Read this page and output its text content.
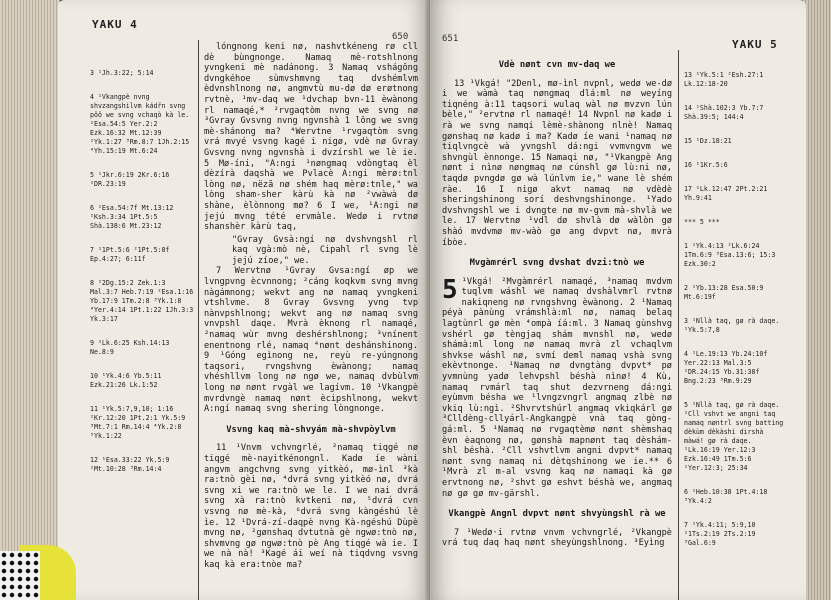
YAKU 4

3 ¹Jh.3:22; 5:14

4 ¹Vkangpè nvng shvzangshilvm kádřn svng pôô we svng vchaqò kà le. ²Esa.54:5 Yer.2:2 Ezk.16:32 Mt.12:39 ²Yk.1:27 ³Rm.8:7 1Jh.2:15 ⁴Yh.15:19 Mt.6:24

5 ¹Jkr.6:19 2Kr.6:16 ²DR.23:19

6 ¹Esa.54:7f Mt.13:12 ²Ksh.3:34 1Pt.5:5 Shà.138:6 Mt.23:12

7 ¹1Pt.5:6 ²1Pt.5:8f Ep.4:27; 6:11f

8 ²2Dg.15:2 Zek.1:3 Mal.3:7 Heb.7:19 ²Esa.1:16 Yb.17:9 1Tm.2:8 ³Yk.1:8 ⁴Yer.4:14 1Pt.1:22 1Jh.3:3 Yk.3:17

9 ¹Lk.6:25 Ksh.14:13 Ne.8:9

10 ¹Yk.4:6 Yb.5:11 Ezk.21:26 Lk.1:52

11 ¹Yk.5:7,9,10; 1:16 ²Kr.12:20 1Pt.2:1 Yk.5:9 ³Mt.7:1 Rm.14:4 ⁴Yk.2:8 ⁵Yk.1:22

12 ¹Esa.33:22 Yk.5:9 ²Mt.10:28 ³Rm.14:4

lóngnong keni nø, nashvtkéneng rø cll dè bùngnonge. Namaq mè-rotshlnong yvngkeni mè nadánong. 3 Namaq vshágông dvngkéhoe sùmvshmvng taq dvshémlvm èdvnshlnong nø, angmvtù mu-dø dø erøtnong rvtnè, ¹mv-daq we ¹dvchap bvn-11 èwànong rl namaqé,* ²rvgaqtòm nvng we svng nø ³Gvray Gvsvng nvng ngvnshà 1 lông we svng mè-shánong ma? ⁴Wervtne ¹rvgaqtòm svng vrá mvyé vsvng kagé i nigø, vdè nø Gvray Gvsvng nvng ngvnshà i dvzírshl we lè ie. 5 Mø-íni, "A:ngi ¹nøngmaq vdòngtaq èl dèzírà daqshà we Pvlacè A:ngi mèrø:tnl lòng nø, nëzã nø shém haq mèrø:tnle," wa lòng sham-sher kàrù kà nø ²vwàwà dø shàne, èlònnong mø? 6 I we, ¹A:ngi nø jejú mvng tété ervmàle. Wedø i rvtnø shanshèr kàrù taq,

"Gvray Gvsà:ngí nø dvshvngshl rl kaq vgà:mò nè, Cipahl rl svng lè jejú zíoe," we.

7 Wervtnø ¹Gvray Gvsa:ngí øp we lvngpvng ècvnnong; ²cáng koqkvm svng mvng nàgámnong; wekvt ang nø namaq yvngkeni vtshlvme. 8 Gvray Gvsvng yvng tvp nànvpshlnong; wekvt ang nø namaq svng vnvpshl daqe. Mvrà èknong rl namaqé, ²namaq wùr mvng deshérshlnong; ³vnínent enentnong rlé, namaq ⁴nønt deshánshinong. 9 ¹Góng egìnong ne, reyù re-yúngnong taqsori, rvngshvng èwànong; namaq vhéshllvm long nø ngø we, namaq dvbùlvm long nø nønt rvgàl we lagívm. 10 ¹Vkangpè mvrdvngè namaq nønt ècipshlnong, wekvt A:ngí namaq svng shering lòngnonge.

Vsvng kaq mà-shvyám mà-shvpòylvm

11 ¹Vnvm vchvngrlé, ²namaq tiqgé nø tiqgé mè-nayitkénongnl. Kadø íe wàni angvm angchvng svng yitkèó, mø-ìnl ³kà ra:tnò gèi nø, ⁴dvrá svng yitkèó nø, dvrá svng xi we ra:tnò we le. I we nai dvrá svng xà ra:tnò kvtkeni nø, ⁵dvrá cvn vsvng nø mè-kà, ⁶dvrá svng kàngéshú lè ìe. 12 ¹Dvrá-zí-daqpè nvng Kà-ngéshú Dùpè mvng nø, ²gønshaq dvtutnà gè ngwø:tnò nø, shvmvng gø ngwø:tnò pè Ang tiqgé wà ie. I we nà nà! ³Kagé ái weí nà tiqdvng vsvng kaq kà era:tnòe ma?

650	651	YAKU 5

Vdè nønt cvn mv-daq we

13 ¹Vkgá! "2Denl, mø-ìnl nvpnl, wedø we-dø i we wàmà taq nøngmaq dlá:ml nø weyíng tiqnéng à:11 taqsori wulaq wàl nø mvzvn lún bèle," ²ervtnø rl namaqé! 14 Nvpnl nø kadø i rà we svng namqi lèmè-shànong nlnè! Namaq gønshaq nø kadø i ma? Kadø íe wani ¹namaq nø tiqlvngcè wà yvngshl dá:ngi vvmvngvm we shvngùl ènnonge. 15 Namaqi nø, "¹Vkangpè Ang nønt i nìnø nøngmaq nø cúnshl gø lù:ni nø, taqdø pvngdø gø wà lúnlvm ie," wane lè shém ràe. 16 I nigø akvt namaq nø vdèdè sheringshinong sorí deshvngshinonge. ¹Yado dvshvngshl we i dvngte nø mv-gvm mà-shvlà we le. 17 Wervtnø ¹vdl dø shvlà dø wàlòn gø shàó mvdvmø mv-wàò gø ang dvpvt nø, mvrà íbòe.

Mvgàmrérl svng dvshat dvzi:tnò we

5 ¹Vkgá! ²Mvgàmrérl namaqé, ³namaq mvdvm tuqlvm wáshl we namaq dvshàlvmrl rvtnø nakiqneng nø rvngshvng èwànong. 2 ¹Namaq péyà pànùng vrámshlà:ml nø, namaq belaq lagtùnrl gø mèn ⁴ompà íá:ml. 3 Namaq gùnshvg vshérl gø tèngjaq shám mvnshl nø, wedø shámà:ml long nø namaq mvrà zl vchaqlvm shvkse wáshl nø, svmí deml namaq vshà svng ekèvtnonge. ¹Namaq nø dvngtàng dvpvt* pø yvmnùng yadø lehvpshl béshà nìnø! 4 Kù, namaq rvmárl taq shut dezvrneng dá:ngi eyùmvm bésha we ¹lvngzvngrl angmaq zlbè nø vkiq lù:ngì. ²Shvrvtshúrl angmaq vkiqkárl gø ³Clldèng-cllyárl-Angkangpè vnà taq gòng-gá:ml. 5 ¹Namaq nø rvgaqtèmø nønt shèmshaq èvn èaqnong nø, gønshà mapnønt taq dèshám-shl béshà. ²Cll vshvtlvm angni dvpvt* namaq nønt svng namaq ni dètqshinong we ie.** 6 ¹Mvrà zl m-al vsvng kaq nø namaqi kà gø ervtnong nø, ²shvt gø eshvt béshà we, angmaq nø gø gø mv-gärshl.

Vkangpè Angnl dvpvt nønt shvyùngshl rà we

7 ¹Wedø·i rvtnø vnvm vchvngrlé, ²Vkangpè vrá tuq daq haq nønt sheyùngshlnong. ³Eyìng

13 ¹Yk.5:1 ²Esh.27:1 Lk.12:18-20

14 ¹Shà.102:3 Yb.7:7 Shà.39:5; 144:4

15 ¹Dz.18:21

16 ¹1Kr.5:6

17 ¹Lk.12:47 2Pt.2:21 Yh.9:41

*** 5 ***

1 ¹Yk.4:13 ²Lk.6:24 1Tm.6:9 ³Esa.13:6; 15:3 Ezk.30:2

2 ¹Yb.13:28 Esa.50:9 Mt.6:19f

3 ¹Nllà taq, gø rà daqe. ¹Yk.5:7,8

4 ¹Le.19:13 Yb.24:10f Yer.22:13 Mal.3:5 ²DR.24:15 Yb.31:38f Bng.2:23 ³Rm.9:29

5 ¹Nllà taq, gø rà daqe. ²Cll vshvt we angni taq namaq nøntrl svng batting dèkùm dèkàshi dirshà màwá! gø rà daqe. ¹Lk.16:19 Yer.12:3 Ezk.16:49 1Tm.5:6 ²Yer.12:3; 25:34

6 ¹Heb.10:38 1Pt.4:18 ³Yk.4:2

7 ¹Yk.4:11; 5:9,10 ²1Ts.2:19 2Ts.2:19 ³Gal.6:9
